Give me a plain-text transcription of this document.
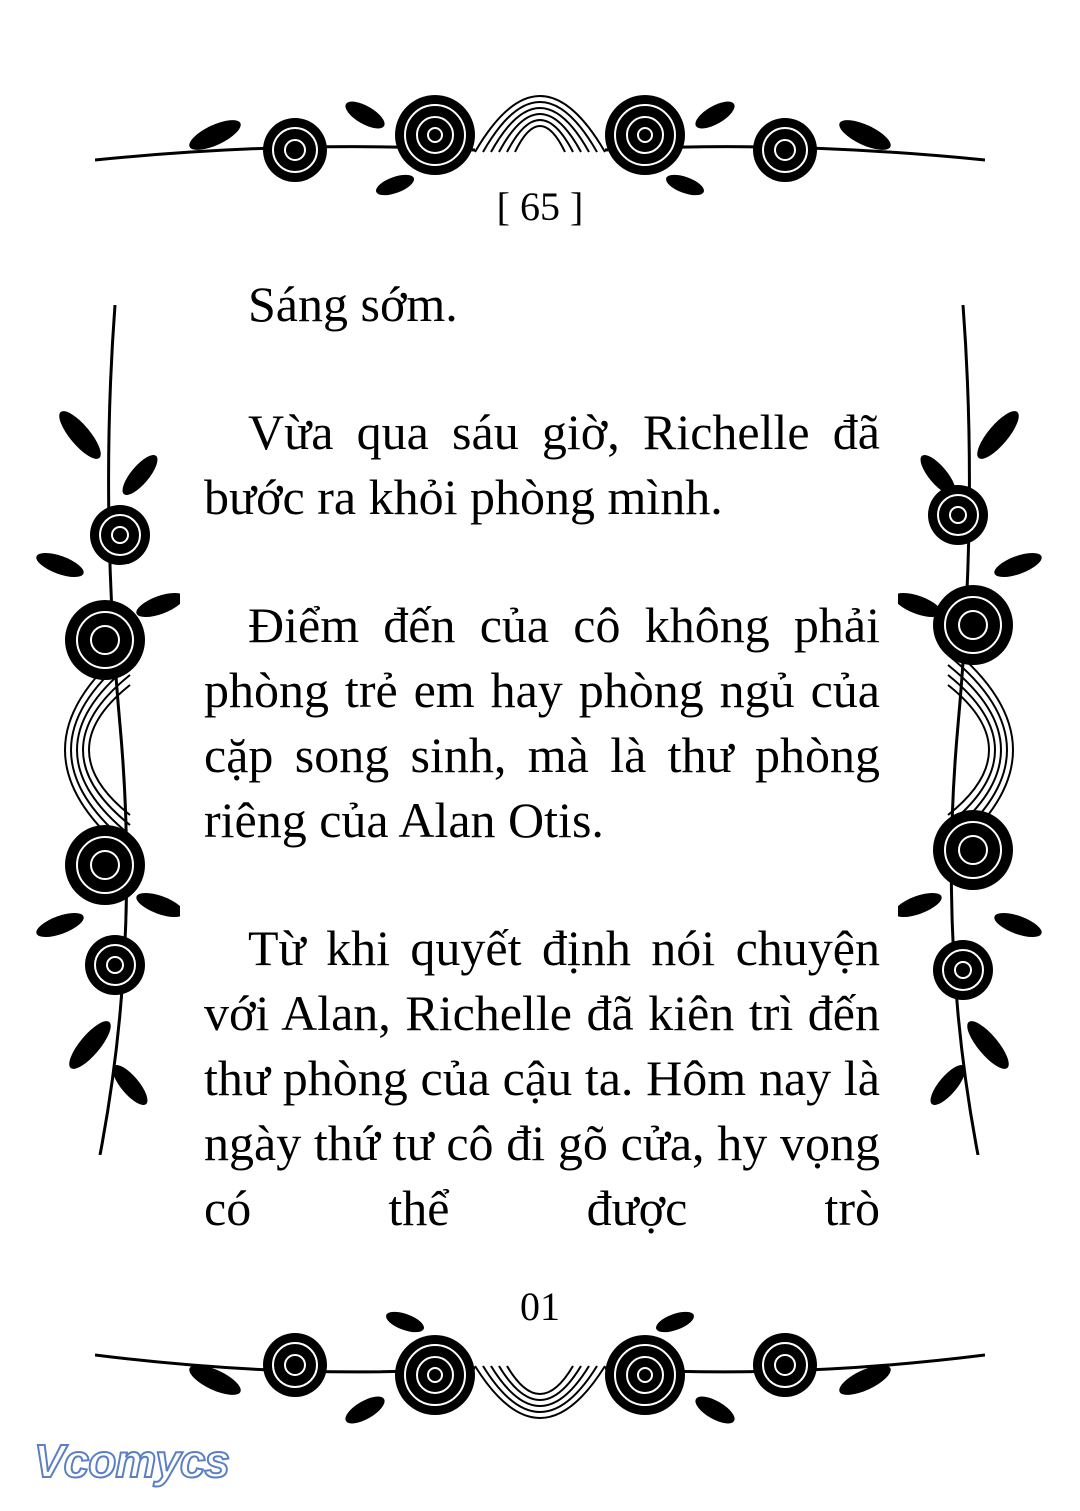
[ 65 ]

Sáng sớm.

Vừa qua sáu giờ, Richelle đã bước ra khỏi phòng mình.

Điểm đến của cô không phải phòng trẻ em hay phòng ngủ của cặp song sinh, mà là thư phòng riêng của Alan Otis.

Từ khi quyết định nói chuyện với Alan, Richelle đã kiên trì đến thư phòng của cậu ta. Hôm nay là ngày thứ tư cô đi gõ cửa, hy vọng có thể được trò

01
Vcomycs
